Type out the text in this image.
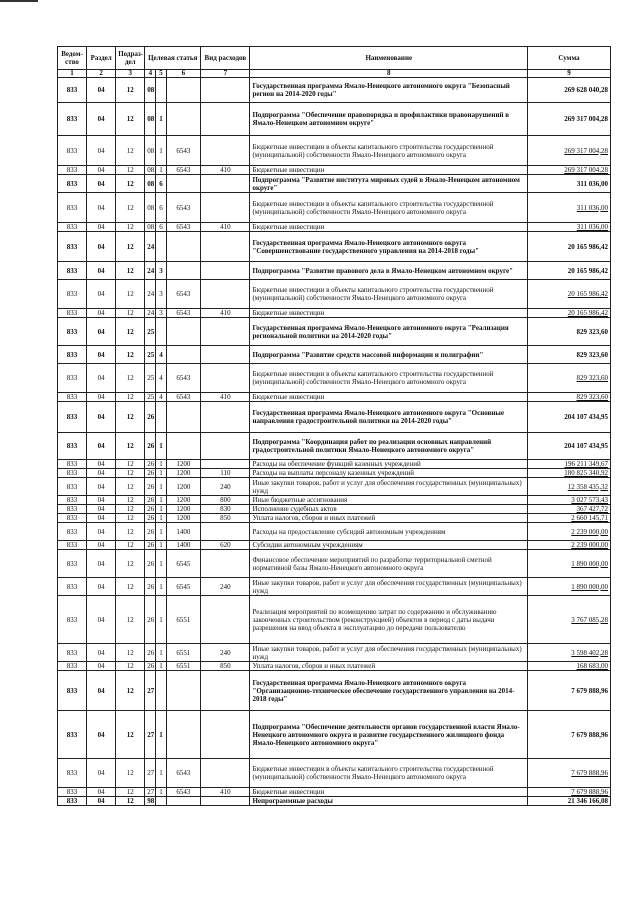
Ведом-ство	Раздел	Подраз-дел	Целевая статья			Вид расходов	Наименование	Сумма
1	2	3	4	5	6	7	8	9
833	04	12	08				Государственная программа Ямало-Ненецкого автономного округа "Безопасный регион на 2014-2020 годы"	269 628 040,28
833	04	12	08	1			Подпрограмма "Обеспечение правопорядка и профилактики правонарушений в Ямало-Ненецком автономном округе"	269 317 004,28
833	04	12	08	1	6543		Бюджетные инвестиции в объекты капитального строительства государственной (муниципальной) собственности Ямало-Ненецкого автономного округа	269 317 004,28
833	04	12	08	1	6543	410	Бюджетные инвестиции	269 317 004,28
833	04	12	08	6			Подпрограмма "Развитие института мировых судей в Ямало-Ненецком автономном округе"	311 036,00
833	04	12	08	6	6543		Бюджетные инвестиции в объекты капитального строительства государственной (муниципальной) собственности Ямало-Ненецкого автономного округа	311 036,00
833	04	12	08	6	6543	410	Бюджетные инвестиции	311 036,00
833	04	12	24				Государственная программа Ямало-Ненецкого автономного округа "Совершенствование государственного управления на 2014-2018 годы"	20 165 986,42
833	04	12	24	3			Подпрограмма "Развитие правового дела в Ямало-Ненецком автономном округе"	20 165 986,42
833	04	12	24	3	6543		Бюджетные инвестиции в объекты капитального строительства государственной (муниципальной) собственности Ямало-Ненецкого автономного округа	20 165 986,42
833	04	12	24	3	6543	410	Бюджетные инвестиции	20 165 986,42
833	04	12	25				Государственная программа Ямало-Ненецкого автономного округа "Реализация региональной политики на 2014-2020 годы"	829 323,60
833	04	12	25	4			Подпрограмма "Развитие средств массовой информации и полиграфии"	829 323,60
833	04	12	25	4	6543		Бюджетные инвестиции в объекты капитального строительства государственной (муниципальной) собственности Ямало-Ненецкого автономного округа	829 323,60
833	04	12	25	4	6543	410	Бюджетные инвестиции	829 323,60
833	04	12	26				Государственная программа Ямало-Ненецкого автономного округа "Основные направления градостроительной политики на 2014-2020 годы"	204 107 434,95
833	04	12	26	1			Подпрограмма "Координация работ по реализации основных направлений градостроительной политики Ямало-Ненецкого автономного округа"	204 107 434,95
833	04	12	26	1	1200		Расходы на обеспечение функций казенных учреждений	196 211 349,67
833	04	12	26	1	1200	110	Расходы на выплаты персоналу казенных учреждений	180 825 340,92
833	04	12	26	1	1200	240	Иные закупки товаров, работ и услуг для обеспечения государственных (муниципальных) нужд	12 358 435,32
833	04	12	26	1	1200	800	Иные бюджетные ассигнования	3 027 573,43
833	04	12	26	1	1200	830	Исполнение судебных актов	367 427,72
833	04	12	26	1	1200	850	Уплата налогов, сборов и иных платежей	2 660 145,71
833	04	12	26	1	1400		Расходы на предоставление субсидий автономным учреждениям	2 239 000,00
833	04	12	26	1	1400	620	Субсидии автономным учреждениям	2 239 000,00
833	04	12	26	1	6545		Финансовое обеспечение мероприятий по разработке территориальной сметной нормативной базы Ямало-Ненецкого автономного округа	1 890 000,00
833	04	12	26	1	6545	240	Иные закупки товаров, работ и услуг для обеспечения государственных (муниципальных) нужд	1 890 000,00
833	04	12	26	1	6551		Реализация мероприятий по возмещению затрат по содержанию и обслуживанию законченных строительством (реконструкцией) объектов в период с даты выдачи разрешения на ввод объекта в эксплуатацию до передачи пользователю	3 767 085,28
833	04	12	26	1	6551	240	Иные закупки товаров, работ и услуг для обеспечения государственных (муниципальных) нужд	3 598 402,28
833	04	12	26	1	6551	850	Уплата налогов, сборов и иных платежей	168 683,00
833	04	12	27				Государственная программа Ямало-Ненецкого автономного округа "Организационно-техническое обеспечение государственного управления на 2014-2018 годы"	7 679 888,96
833	04	12	27	1			Подпрограмма "Обеспечение деятельности органов государственной власти Ямало-Ненецкого автономного округа и развитие государственного жилищного фонда Ямало-Ненецкого автономного округа"	7 679 888,96
833	04	12	27	1	6543		Бюджетные инвестиции в объекты капитального строительства государственной (муниципальной) собственности Ямало-Ненецкого автономного округа	7 679 888,96
833	04	12	27	1	6543	410	Бюджетные инвестиции	7 679 888,96
833	04	12	98				Непрограммные расходы	21 346 166,08
